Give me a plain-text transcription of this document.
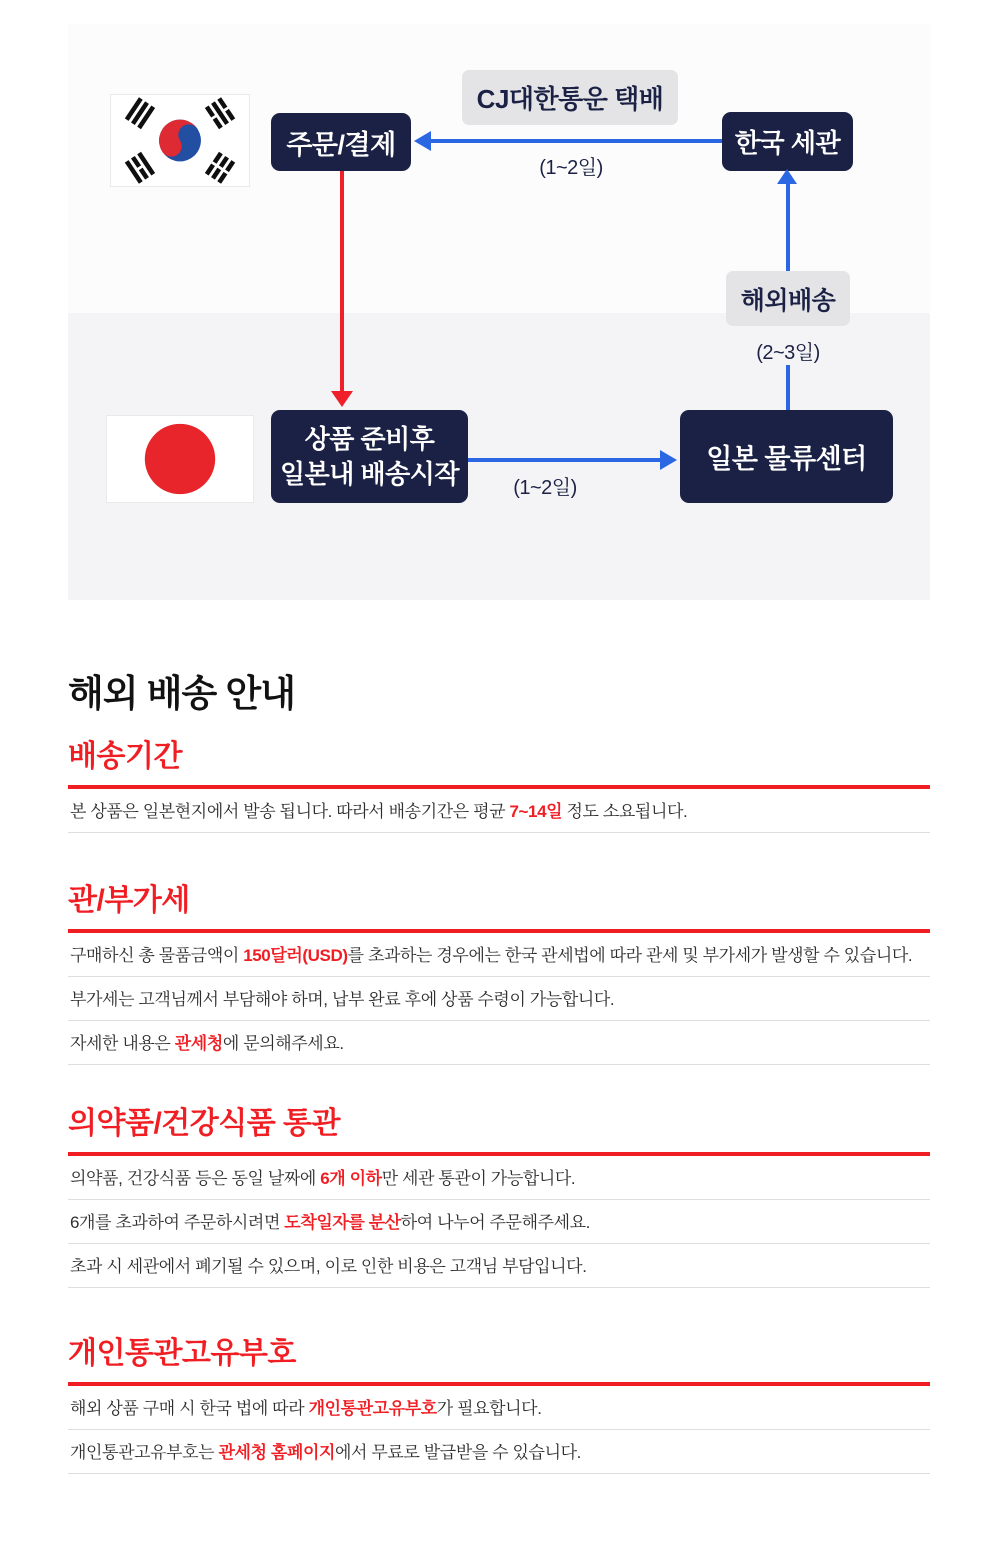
주문/결제
CJ대한통운 택배
한국 세관
해외배송
일본 물류센터
상품 준비후
일본내 배송시작
(1~2일)
(2~3일)
(1~2일)
해외 배송 안내
배송기간
본 상품은 일본현지에서 발송 됩니다. 따라서 배송기간은 평균 7~14일 정도 소요됩니다.
관/부가세
구매하신 총 물품금액이 150달러(USD)를 초과하는 경우에는 한국 관세법에 따라 관세 및 부가세가 발생할 수 있습니다.
부가세는 고객님께서 부담해야 하며, 납부 완료 후에 상품 수령이 가능합니다.
자세한 내용은 관세청에 문의해주세요.
의약품/건강식품 통관
의약품, 건강식품 등은 동일 날짜에 6개 이하만 세관 통관이 가능합니다.
6개를 초과하여 주문하시려면 도착일자를 분산하여 나누어 주문해주세요.
초과 시 세관에서 폐기될 수 있으며, 이로 인한 비용은 고객님 부담입니다.
개인통관고유부호
해외 상품 구매 시 한국 법에 따라 개인통관고유부호가 필요합니다.
개인통관고유부호는 관세청 홈페이지에서 무료로 발급받을 수 있습니다.
